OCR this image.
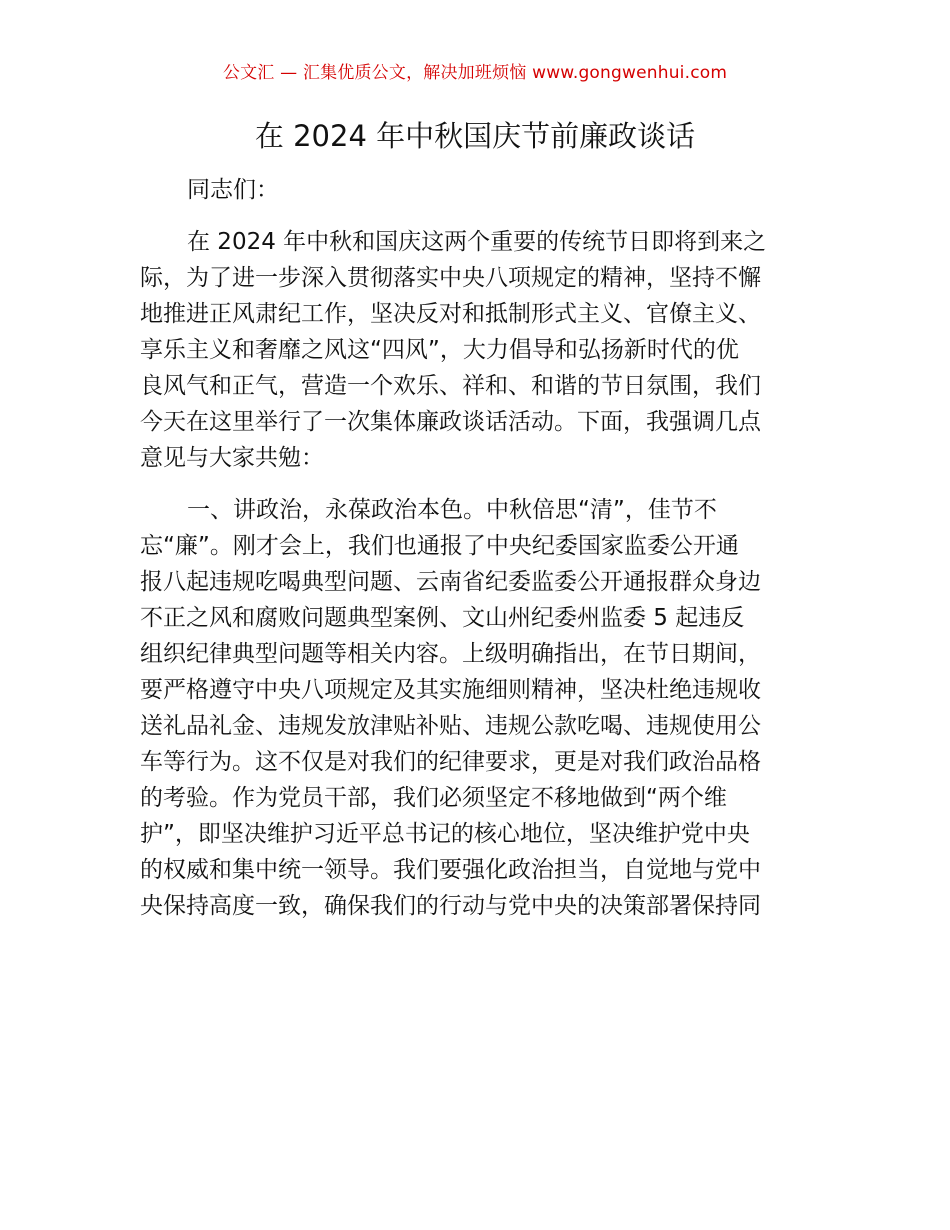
公文汇 — 汇集优质公文，解决加班烦恼 www.gongwenhui.com
在 2024 年中秋国庆节前廉政谈话

同志们：

在 2024 年中秋和国庆这两个重要的传统节日即将到来之
际，为了进一步深入贯彻落实中央八项规定的精神，坚持不懈
地推进正风肃纪工作，坚决反对和抵制形式主义、官僚主义、
享乐主义和奢靡之风这“四风”，大力倡导和弘扬新时代的优
良风气和正气，营造一个欢乐、祥和、和谐的节日氛围，我们
今天在这里举行了一次集体廉政谈话活动。下面，我强调几点
意见与大家共勉：

一、讲政治，永葆政治本色。中秋倍思“清”，佳节不
忘“廉”。刚才会上，我们也通报了中央纪委国家监委公开通
报八起违规吃喝典型问题、云南省纪委监委公开通报群众身边
不正之风和腐败问题典型案例、文山州纪委州监委 5 起违反
组织纪律典型问题等相关内容。上级明确指出，在节日期间，
要严格遵守中央八项规定及其实施细则精神，坚决杜绝违规收
送礼品礼金、违规发放津贴补贴、违规公款吃喝、违规使用公
车等行为。这不仅是对我们的纪律要求，更是对我们政治品格
的考验。作为党员干部，我们必须坚定不移地做到“两个维
护”，即坚决维护习近平总书记的核心地位，坚决维护党中央
的权威和集中统一领导。我们要强化政治担当，自觉地与党中
央保持高度一致，确保我们的行动与党中央的决策部署保持同
